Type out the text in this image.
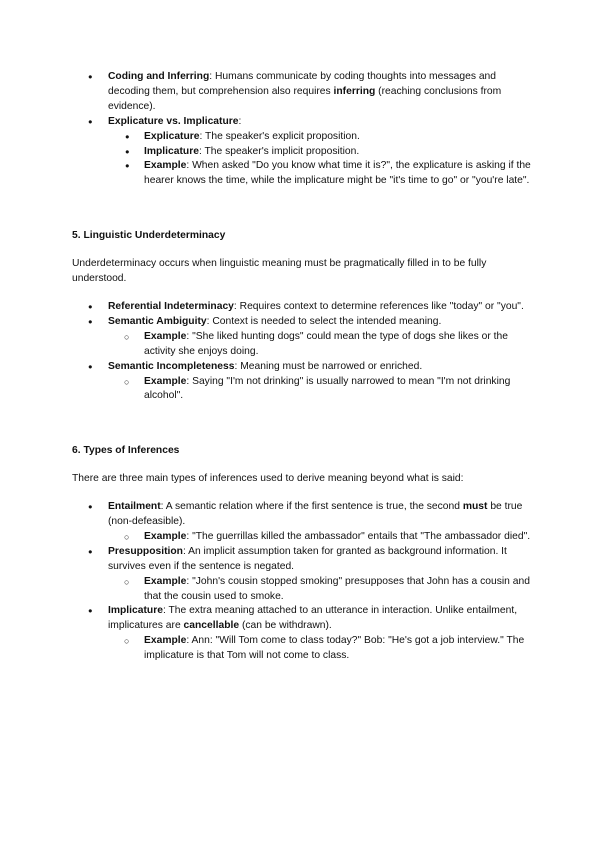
● Coding and Inferring: Humans communicate by coding thoughts into messages and decoding them, but comprehension also requires inferring (reaching conclusions from evidence).
● Explicature vs. Implicature:
● Explicature: The speaker's explicit proposition.
● Implicature: The speaker's implicit proposition.
● Example: When asked "Do you know what time it is?", the explicature is asking if the hearer knows the time, while the implicature might be "it's time to go" or "you're late".
5. Linguistic Underdeterminacy

Underdeterminacy occurs when linguistic meaning must be pragmatically filled in to be fully understood.

● Referential Indeterminacy: Requires context to determine references like "today" or "you".
● Semantic Ambiguity: Context is needed to select the intended meaning.
○ Example: "She liked hunting dogs" could mean the type of dogs she likes or the activity she enjoys doing.
● Semantic Incompleteness: Meaning must be narrowed or enriched.
○ Example: Saying "I'm not drinking" is usually narrowed to mean "I'm not drinking alcohol".
6. Types of Inferences

There are three main types of inferences used to derive meaning beyond what is said:

● Entailment: A semantic relation where if the first sentence is true, the second must be true (non-defeasible).
○ Example: "The guerrillas killed the ambassador" entails that "The ambassador died".
● Presupposition: An implicit assumption taken for granted as background information. It survives even if the sentence is negated.
○ Example: "John's cousin stopped smoking" presupposes that John has a cousin and that the cousin used to smoke.
● Implicature: The extra meaning attached to an utterance in interaction. Unlike entailment, implicatures are cancellable (can be withdrawn).
○ Example: Ann: "Will Tom come to class today?" Bob: "He's got a job interview." The implicature is that Tom will not come to class.
